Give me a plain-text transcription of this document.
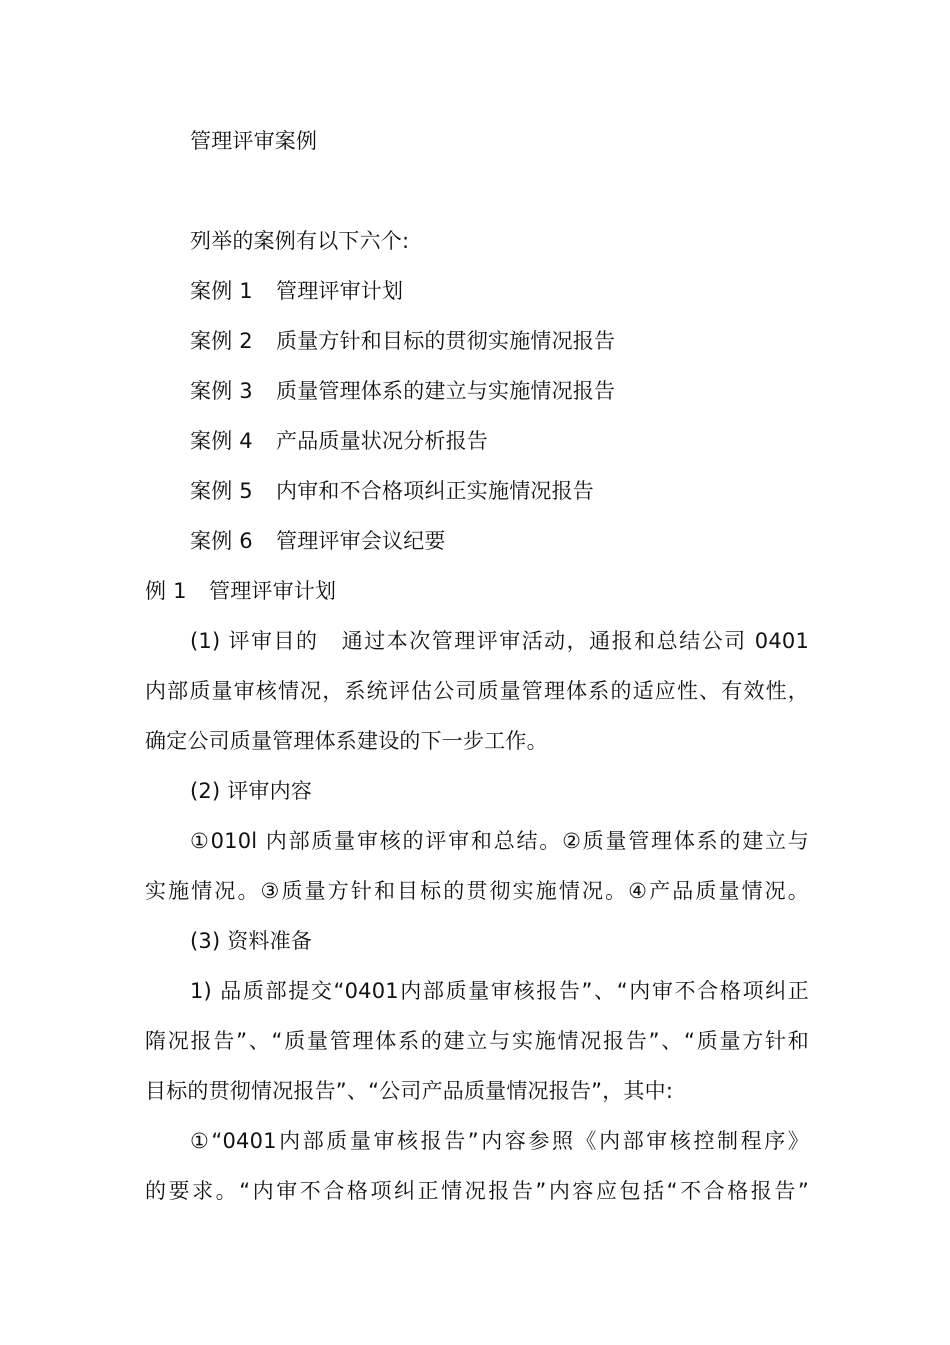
管理评审案例
列举的案例有以下六个:
案例 1 管理评审计划
案例 2 质量方针和目标的贯彻实施情况报告
案例 3 质量管理体系的建立与实施情况报告
案例 4 产品质量状况分析报告
案例 5 内审和不合格项纠正实施情况报告
案例 6 管理评审会议纪要
例 1 管理评审计划
(1) 评审目的 通过本次管理评审活动，通报和总结公司 0401
内部质量审核情况，系统评估公司质量管理体系的适应性、有效性，
确定公司质量管理体系建设的下一步工作。
(2) 评审内容
①010l 内部质量审核的评审和总结。②质量管理体系的建立与
实施情况。③质量方针和目标的贯彻实施情况。④产品质量情况。
(3) 资料准备
1) 品质部提交“0401内部质量审核报告”、“内审不合格项纠正
隋况报告”、“质量管理体系的建立与实施情况报告”、“质量方针和
目标的贯彻情况报告”、“公司产品质量情况报告”，其中:
①“0401内部质量审核报告”内容参照《内部审核控制程序》
的要求。“内审不合格项纠正情况报告”内容应包括“不合格报告”
